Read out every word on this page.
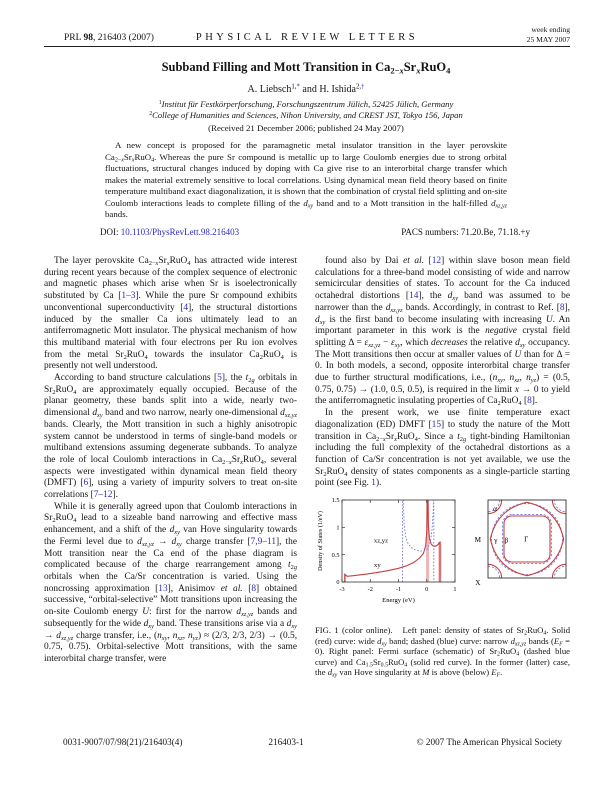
PRL 98, 216403 (2007)	PHYSICAL REVIEW LETTERS
week ending
25 MAY 2007
Subband Filling and Mott Transition in $Ca_{2-x}Sr_xRuO_4$
A. Liebsch$^{1,*}$ and H. Ishida$^{2,\dagger}$
$^1$Institut für Festkörperforschung, Forschungszentrum Jülich, 52425 Jülich, Germany
$^2$College of Humanities and Sciences, Nihon University, and CREST JST, Tokyo 156, Japan
(Received 21 December 2006; published 24 May 2007)
A new concept is proposed for the paramagnetic metal insulator transition in the layer perovskite $Ca_{2-x}Sr_xRuO_4$. Whereas the pure Sr compound is metallic up to large Coulomb energies due to strong orbital fluctuations, structural changes induced by doping with Ca give rise to an interorbital charge transfer which makes the material extremely sensitive to local correlations. Using dynamical mean field theory based on finite temperature multiband exact diagonalization, it is shown that the combination of crystal field splitting and on-site Coulomb interactions leads to complete filling of the $d_{xy}$ band and to a Mott transition in the half-filled $d_{xz,yz}$ bands.
DOI: 10.1103/PhysRevLett.98.216403	PACS numbers: 71.20.Be, 71.18.+y

The layer perovskite $Ca_{2-x}Sr_xRuO_4$ has attracted wide interest during recent years because of the complex sequence of electronic and magnetic phases which arise when Sr is isoelectronically substituted by Ca [1–3]. While the pure Sr compound exhibits unconventional superconductivity [4], the structural distortions induced by the smaller Ca ions ultimately lead to an antiferromagnetic Mott insulator. The physical mechanism of how this multiband material with four electrons per Ru ion evolves from the metal $Sr_2RuO_4$ towards the insulator $Ca_2RuO_4$ is presently not well understood.

According to band structure calculations [5], the $t_{2g}$ orbitals in $Sr_2RuO_4$ are approximately equally occupied. Because of the planar geometry, these bands split into a wide, nearly two-dimensional $d_{xy}$ band and two narrow, nearly one-dimensional $d_{xz,yz}$ bands. Clearly, the Mott transition in such a highly anisotropic system cannot be understood in terms of single-band models or multiband extensions assuming degenerate subbands. To analyze the role of local Coulomb interactions in $Ca_{2-x}Sr_xRuO_4$, several aspects were investigated within dynamical mean field theory (DMFT) [6], using a variety of impurity solvers to treat on-site correlations [7–12].

While it is generally agreed upon that Coulomb interactions in $Sr_2RuO_4$ lead to a sizeable band narrowing and effective mass enhancement, and a shift of the $d_{xy}$ van Hove singularity towards the Fermi level due to $d_{xz,yz} \to d_{xy}$ charge transfer [7,9–11], the Mott transition near the Ca end of the phase diagram is complicated because of the charge rearrangement among $t_{2g}$ orbitals when the Ca/Sr concentration is varied. Using the noncrossing approximation [13], Anisimov et al. [8] obtained successive, “orbital-selective” Mott transitions upon increasing the on-site Coulomb energy U: first for the narrow $d_{xz,yz}$ bands and subsequently for the wide $d_{xy}$ band. These transitions arise via a $d_{xy} \to d_{xz,yz}$ charge transfer, i.e., ($n_{xy}$, $n_{xz}$, $n_{yz}) \approx (2/3$, 2/3, 2/3) → (0.5, 0.75, 0.75). Orbital-selective Mott transitions, with the same interorbital charge transfer, were

found also by Dai et al. [12] within slave boson mean field calculations for a three-band model consisting of wide and narrow semicircular densities of states. To account for the Ca induced octahedral distortions [14], the $d_{xy}$ band was assumed to be narrower than the $d_{xz,yz}$ bands. Accordingly, in contrast to Ref. [8], $d_{xy}$ is the first band to become insulating with increasing U. An important parameter in this work is the negative crystal field splitting $\Delta = \varepsilon_{xz,yz} - \varepsilon_{xy}$, which decreases the relative $d_{xy}$ occupancy. The Mott transitions then occur at smaller values of U than for Δ = 0. In both models, a second, opposite interorbital charge transfer due to further structural modifications, i.e., ($n_{xy}$, $n_{xz}$, $n_{yz}) = (0.5$, 0.75, 0.75) → (1.0, 0.5, 0.5), is required in the limit x → 0 to yield the antiferromagnetic insulating properties of $Ca_2RuO_4$ [8].

In the present work, we use finite temperature exact diagonalization (ED) DMFT [15] to study the nature of the Mott transition in $Ca_{2-x}Sr_xRuO_4$. Since a $t_{2g}$ tight-binding Hamiltonian including the full complexity of the octahedral distortions as a function of Ca/Sr concentration is not yet available, we use the $Sr_2RuO_4$ density of states components as a single-particle starting point (see Fig. 1).

-3	-2	-1	0	1
0
0.5
1
1.5
Energy (eV)
Density of States (1/eV)	xy
xz,yz
α
γ β Γ
M
X
FIG. 1 (color online).   Left panel: density of states of $Sr_2RuO_4$. Solid (red) curve: wide $d_{xy}$ band; dashed (blue) curve: narrow $d_{xz,yz}$ bands $(E_F = 0)$. Right panel: Fermi surface (schematic) of $Sr_2RuO_4$ (dashed blue curve) and $Ca_{1.5}Sr_{0.5}RuO_4$ (solid red curve). In the former (latter) case, the $d_{xy}$ van Hove singularity at M is above (below) $E_F$.
0031-9007/07/98(21)/216403(4)	216403-1	© 2007 The American Physical Society
